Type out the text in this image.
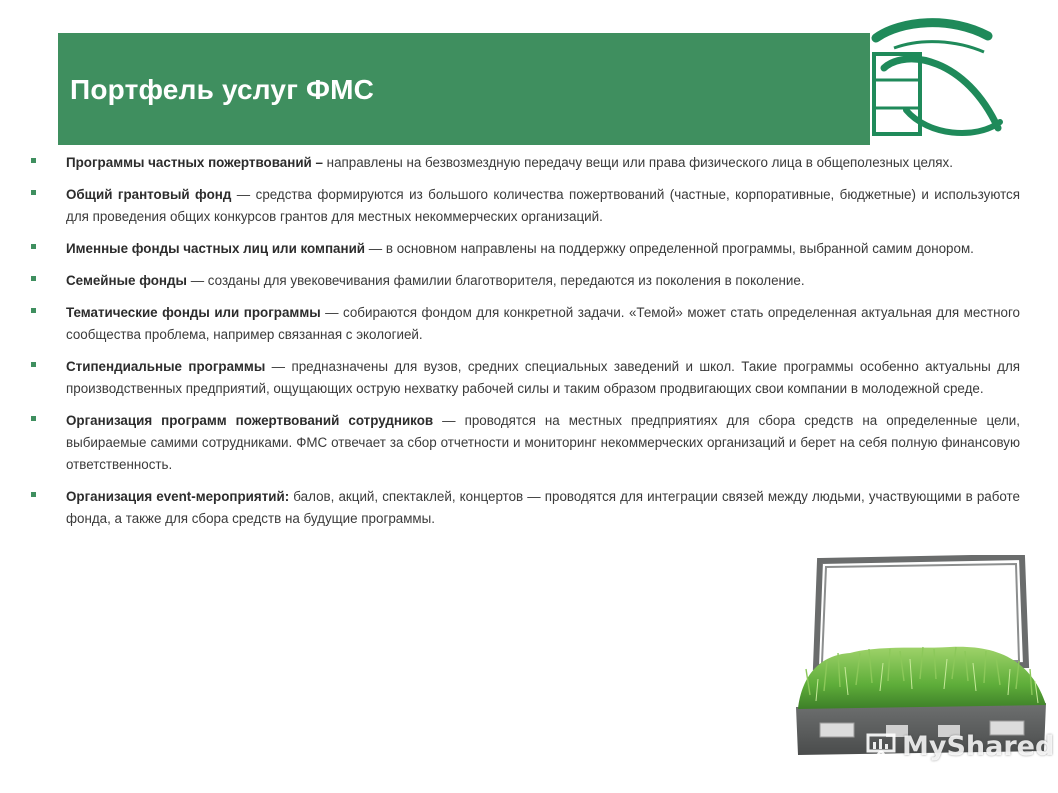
Портфель услуг ФМС
Программы частных пожертвований – направлены на безвозмездную передачу вещи или права физического лица в общеполезных целях.
Общий грантовый фонд — средства формируются из большого количества пожертвований (частные, корпоративные, бюджетные) и используются для проведения общих конкурсов грантов для местных некоммерческих организаций.
Именные фонды частных лиц или компаний — в основном направлены на поддержку определенной программы, выбранной самим донором.
Семейные фонды — созданы для увековечивания фамилии благотворителя, передаются из поколения в поколение.
Тематические фонды или программы — собираются фондом для конкретной задачи. «Темой» может стать определенная актуальная для местного сообщества проблема, например связанная с экологией.
Стипендиальные программы — предназначены для вузов, средних специальных заведений и школ. Такие программы особенно актуальны для производственных предприятий, ощущающих острую нехватку рабочей силы и таким образом продвигающих свои компании в молодежной среде.
Организация программ пожертвований сотрудников — проводятся на местных предприятиях для сбора средств на определенные цели, выбираемые самими сотрудниками. ФМС отвечает за сбор отчетности и мониторинг некоммерческих организаций и берет на себя полную финансовую ответственность.
Организация event-мероприятий: балов, акций, спектаклей, концертов — проводятся для интеграции связей между людьми, участвующими в работе фонда, а также для сбора средств на будущие программы.
MyShared
